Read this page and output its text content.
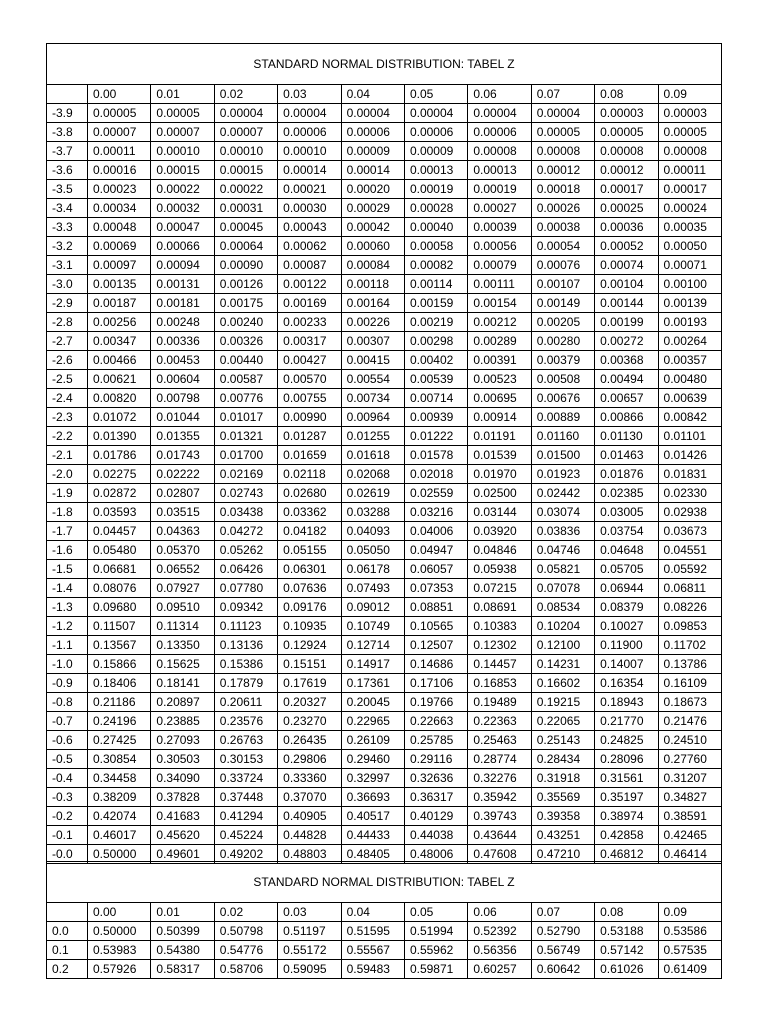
STANDARD NORMAL DISTRIBUTION: TABEL Z										
	0.00	0.01	0.02	0.03	0.04	0.05	0.06	0.07	0.08	0.09
-3.9	0.00005	0.00005	0.00004	0.00004	0.00004	0.00004	0.00004	0.00004	0.00003	0.00003
-3.8	0.00007	0.00007	0.00007	0.00006	0.00006	0.00006	0.00006	0.00005	0.00005	0.00005
-3.7	0.00011	0.00010	0.00010	0.00010	0.00009	0.00009	0.00008	0.00008	0.00008	0.00008
-3.6	0.00016	0.00015	0.00015	0.00014	0.00014	0.00013	0.00013	0.00012	0.00012	0.00011
-3.5	0.00023	0.00022	0.00022	0.00021	0.00020	0.00019	0.00019	0.00018	0.00017	0.00017
-3.4	0.00034	0.00032	0.00031	0.00030	0.00029	0.00028	0.00027	0.00026	0.00025	0.00024
-3.3	0.00048	0.00047	0.00045	0.00043	0.00042	0.00040	0.00039	0.00038	0.00036	0.00035
-3.2	0.00069	0.00066	0.00064	0.00062	0.00060	0.00058	0.00056	0.00054	0.00052	0.00050
-3.1	0.00097	0.00094	0.00090	0.00087	0.00084	0.00082	0.00079	0.00076	0.00074	0.00071
-3.0	0.00135	0.00131	0.00126	0.00122	0.00118	0.00114	0.00111	0.00107	0.00104	0.00100
-2.9	0.00187	0.00181	0.00175	0.00169	0.00164	0.00159	0.00154	0.00149	0.00144	0.00139
-2.8	0.00256	0.00248	0.00240	0.00233	0.00226	0.00219	0.00212	0.00205	0.00199	0.00193
-2.7	0.00347	0.00336	0.00326	0.00317	0.00307	0.00298	0.00289	0.00280	0.00272	0.00264
-2.6	0.00466	0.00453	0.00440	0.00427	0.00415	0.00402	0.00391	0.00379	0.00368	0.00357
-2.5	0.00621	0.00604	0.00587	0.00570	0.00554	0.00539	0.00523	0.00508	0.00494	0.00480
-2.4	0.00820	0.00798	0.00776	0.00755	0.00734	0.00714	0.00695	0.00676	0.00657	0.00639
-2.3	0.01072	0.01044	0.01017	0.00990	0.00964	0.00939	0.00914	0.00889	0.00866	0.00842
-2.2	0.01390	0.01355	0.01321	0.01287	0.01255	0.01222	0.01191	0.01160	0.01130	0.01101
-2.1	0.01786	0.01743	0.01700	0.01659	0.01618	0.01578	0.01539	0.01500	0.01463	0.01426
-2.0	0.02275	0.02222	0.02169	0.02118	0.02068	0.02018	0.01970	0.01923	0.01876	0.01831
-1.9	0.02872	0.02807	0.02743	0.02680	0.02619	0.02559	0.02500	0.02442	0.02385	0.02330
-1.8	0.03593	0.03515	0.03438	0.03362	0.03288	0.03216	0.03144	0.03074	0.03005	0.02938
-1.7	0.04457	0.04363	0.04272	0.04182	0.04093	0.04006	0.03920	0.03836	0.03754	0.03673
-1.6	0.05480	0.05370	0.05262	0.05155	0.05050	0.04947	0.04846	0.04746	0.04648	0.04551
-1.5	0.06681	0.06552	0.06426	0.06301	0.06178	0.06057	0.05938	0.05821	0.05705	0.05592
-1.4	0.08076	0.07927	0.07780	0.07636	0.07493	0.07353	0.07215	0.07078	0.06944	0.06811
-1.3	0.09680	0.09510	0.09342	0.09176	0.09012	0.08851	0.08691	0.08534	0.08379	0.08226
-1.2	0.11507	0.11314	0.11123	0.10935	0.10749	0.10565	0.10383	0.10204	0.10027	0.09853
-1.1	0.13567	0.13350	0.13136	0.12924	0.12714	0.12507	0.12302	0.12100	0.11900	0.11702
-1.0	0.15866	0.15625	0.15386	0.15151	0.14917	0.14686	0.14457	0.14231	0.14007	0.13786
-0.9	0.18406	0.18141	0.17879	0.17619	0.17361	0.17106	0.16853	0.16602	0.16354	0.16109
-0.8	0.21186	0.20897	0.20611	0.20327	0.20045	0.19766	0.19489	0.19215	0.18943	0.18673
-0.7	0.24196	0.23885	0.23576	0.23270	0.22965	0.22663	0.22363	0.22065	0.21770	0.21476
-0.6	0.27425	0.27093	0.26763	0.26435	0.26109	0.25785	0.25463	0.25143	0.24825	0.24510
-0.5	0.30854	0.30503	0.30153	0.29806	0.29460	0.29116	0.28774	0.28434	0.28096	0.27760
-0.4	0.34458	0.34090	0.33724	0.33360	0.32997	0.32636	0.32276	0.31918	0.31561	0.31207
-0.3	0.38209	0.37828	0.37448	0.37070	0.36693	0.36317	0.35942	0.35569	0.35197	0.34827
-0.2	0.42074	0.41683	0.41294	0.40905	0.40517	0.40129	0.39743	0.39358	0.38974	0.38591
-0.1	0.46017	0.45620	0.45224	0.44828	0.44433	0.44038	0.43644	0.43251	0.42858	0.42465
-0.0	0.50000	0.49601	0.49202	0.48803	0.48405	0.48006	0.47608	0.47210	0.46812	0.46414
STANDARD NORMAL DISTRIBUTION: TABEL Z										
	0.00	0.01	0.02	0.03	0.04	0.05	0.06	0.07	0.08	0.09
0.0	0.50000	0.50399	0.50798	0.51197	0.51595	0.51994	0.52392	0.52790	0.53188	0.53586
0.1	0.53983	0.54380	0.54776	0.55172	0.55567	0.55962	0.56356	0.56749	0.57142	0.57535
0.2	0.57926	0.58317	0.58706	0.59095	0.59483	0.59871	0.60257	0.60642	0.61026	0.61409
